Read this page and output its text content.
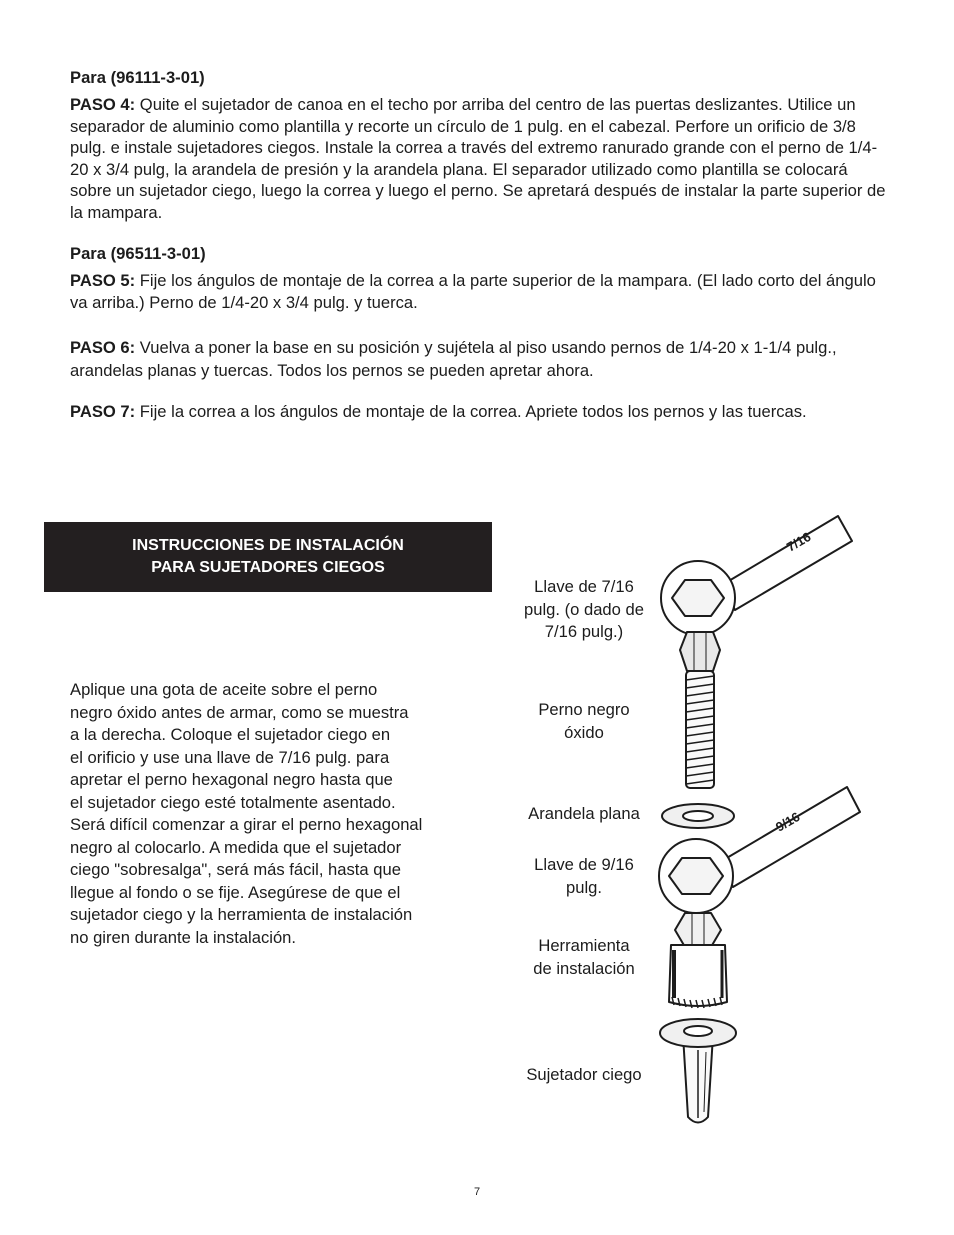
Para (96111-3-01)
PASO 4: Quite el sujetador de canoa en el techo por arriba del centro de las puertas deslizantes. Utilice un separador de aluminio como plantilla y recorte un círculo de 1 pulg. en el cabezal. Perfore un orificio de 3/8 pulg. e instale sujetadores ciegos. Instale la correa a través del extremo ranurado grande con el perno de 1/4-20 x 3/4 pulg, la arandela de presión y la arandela plana. El separador utilizado como plantilla se colocará sobre un sujetador ciego, luego la correa y luego el perno. Se apretará después de instalar la parte superior de la mampara.
Para (96511-3-01)
PASO 5: Fije los ángulos de montaje de la correa a la parte superior de la mampara. (El lado corto del ángulo va arriba.) Perno de 1/4-20 x 3/4 pulg. y tuerca.
PASO 6: Vuelva a poner la base en su posición y sujétela al piso usando pernos de 1/4-20 x 1-1/4 pulg., arandelas planas y tuercas. Todos los pernos se pueden apretar ahora.
PASO 7: Fije la correa a los ángulos de montaje de la correa. Apriete todos los pernos y las tuercas.
INSTRUCCIONES DE INSTALACIÓN
PARA SUJETADORES CIEGOS
Aplique una gota de aceite sobre el perno
negro óxido antes de armar, como se muestra
a la derecha. Coloque el sujetador ciego en
el orificio y use una llave de 7/16 pulg. para
apretar el perno hexagonal negro hasta que
el sujetador ciego esté totalmente asentado.
Será difícil comenzar a girar el perno hexagonal
negro al colocarlo. A medida que el sujetador
ciego "sobresalga", será más fácil, hasta que
llegue al fondo o se fije. Asegúrese de que el
sujetador ciego y la herramienta de instalación
no giren durante la instalación.
Llave de 7/16
pulg. (o dado de
7/16 pulg.)
Perno negro
óxido
Arandela plana
Llave de 9/16
pulg.
Herramienta
de instalación
Sujetador ciego
7/16
9/16
7
